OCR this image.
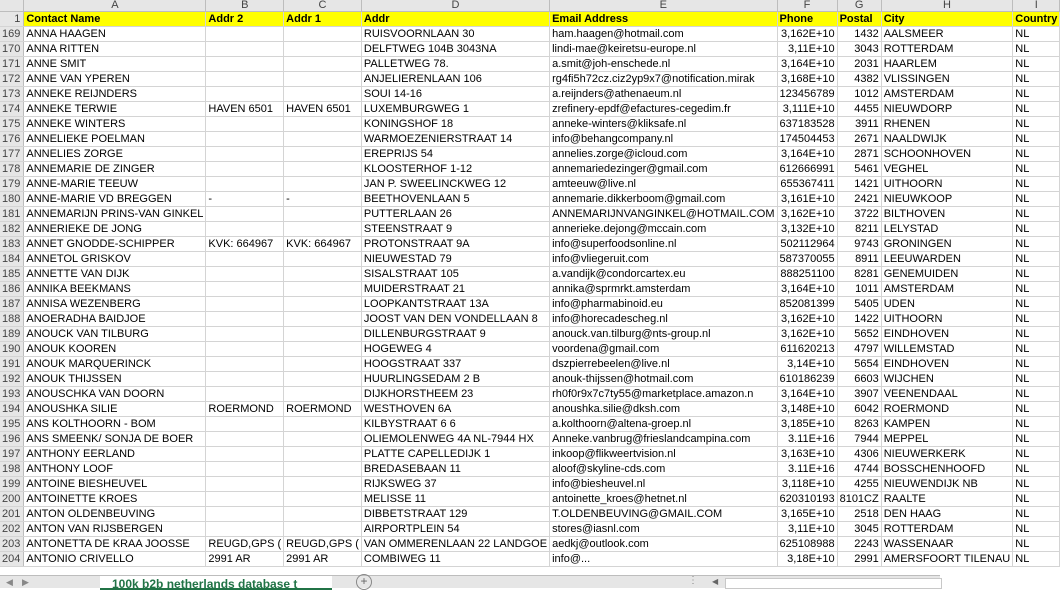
	A	B	C	D	E	F	G	H	I
1	Contact Name	Addr 2	Addr 1	Addr	Email Address	Phone	Postal	City	Country
169	ANNA HAAGEN			RUISVOORNLAAN 30	ham.haagen@hotmail.com	3,162E+10	1432	AALSMEER	NL
170	ANNA RITTEN			DELFTWEG 104B 3043NA	lindi-mae@keiretsu-europe.nl	3,11E+10	3043	ROTTERDAM	NL
171	ANNE SMIT			PALLETWEG 78.	a.smit@joh-enschede.nl	3,164E+10	2031	HAARLEM	NL
172	ANNE VAN YPEREN			ANJELIERENLAAN 106	rg4fi5h72cz.ciz2yp9x7@notification.mirak	3,168E+10	4382	VLISSINGEN	NL
173	ANNEKE REIJNDERS			SOUI 14-16	a.reijnders@athenaeum.nl	123456789	1012	AMSTERDAM	NL
174	ANNEKE TERWIE	HAVEN 6501	HAVEN 6501	LUXEMBURGWEG 1	zrefinery-epdf@efactures-cegedim.fr	3,111E+10	4455	NIEUWDORP	NL
175	ANNEKE WINTERS			KONINGSHOF 18	anneke-winters@kliksafe.nl	637183528	3911	RHENEN	NL
176	ANNELIEKE POELMAN			WARMOEZENIERSTRAAT 14	info@behangcompany.nl	174504453	2671	NAALDWIJK	NL
177	ANNELIES ZORGE			EREPRIJS 54	annelies.zorge@icloud.com	3,164E+10	2871	SCHOONHOVEN	NL
178	ANNEMARIE DE ZINGER			KLOOSTERHOF 1-12	annemariedezinger@gmail.com	612666991	5461	VEGHEL	NL
179	ANNE-MARIE TEEUW			JAN P. SWEELINCKWEG 12	amteeuw@live.nl	655367411	1421	UITHOORN	NL
180	ANNE-MARIE VD BREGGEN	-	-	BEETHOVENLAAN 5	annemarie.dikkerboom@gmail.com	3,161E+10	2421	NIEUWKOOP	NL
181	ANNEMARIJN PRINS-VAN GINKEL			PUTTERLAAN 26	ANNEMARIJNVANGINKEL@HOTMAIL.COM	3,162E+10	3722	BILTHOVEN	NL
182	ANNERIEKE DE JONG			STEENSTRAAT 9	annerieke.dejong@mccain.com	3,132E+10	8211	LELYSTAD	NL
183	ANNET GNODDE-SCHIPPER	KVK: 664967	KVK: 664967	PROTONSTRAAT 9A	info@superfoodsonline.nl	502112964	9743	GRONINGEN	NL
184	ANNETOL GRISKOV			NIEUWESTAD 79	info@vliegeruit.com	587370055	8911	LEEUWARDEN	NL
185	ANNETTE VAN DIJK			SISALSTRAAT 105	a.vandijk@condorcartex.eu	888251100	8281	GENEMUIDEN	NL
186	ANNIKA BEEKMANS			MUIDERSTRAAT 21	annika@sprmrkt.amsterdam	3,164E+10	1011	AMSTERDAM	NL
187	ANNISA WEZENBERG			LOOPKANTSTRAAT 13A	info@pharmabinoid.eu	852081399	5405	UDEN	NL
188	ANOERADHA BAIDJOE			JOOST VAN DEN VONDELLAAN 8	info@horecadescheg.nl	3,162E+10	1422	UITHOORN	NL
189	ANOUCK VAN TILBURG			DILLENBURGSTRAAT 9	anouck.van.tilburg@nts-group.nl	3,162E+10	5652	EINDHOVEN	NL
190	ANOUK KOOREN			HOGEWEG 4	voordena@gmail.com	611620213	4797	WILLEMSTAD	NL
191	ANOUK MARQUERINCK			HOOGSTRAAT 337	dszpierrebeelen@live.nl	3,14E+10	5654	EINDHOVEN	NL
192	ANOUK THIJSSEN			HUURLINGSEDAM 2 B	anouk-thijssen@hotmail.com	610186239	6603	WIJCHEN	NL
193	ANOUSCHKA VAN DOORN			DIJKHORSTHEEM 23	rh0f0r9x7c7ty55@marketplace.amazon.n	3,164E+10	3907	VEENENDAAL	NL
194	ANOUSHKA SILIE	ROERMOND	ROERMOND	WESTHOVEN 6A	anoushka.silie@dksh.com	3,148E+10	6042	ROERMOND	NL
195	ANS KOLTHOORN - BOM			KILBYSTRAAT 6 6	a.kolthoorn@altena-groep.nl	3,185E+10	8263	KAMPEN	NL
196	ANS SMEENK/ SONJA DE BOER			OLIEMOLENWEG 4A NL-7944 HX	Anneke.vanbrug@frieslandcampina.com	3.11E+16	7944	MEPPEL	NL
197	ANTHONY EERLAND			PLATTE CAPELLEDIJK 1	inkoop@flikweertvision.nl	3,163E+10	4306	NIEUWERKERK	NL
198	ANTHONY LOOF			BREDASEBAAN 11	aloof@skyline-cds.com	3.11E+16	4744	BOSSCHENHOOFD	NL
199	ANTOINE BIESHEUVEL			RIJKSWEG 37	info@biesheuvel.nl	3,118E+10	4255	NIEUWENDIJK NB	NL
200	ANTOINETTE KROES			MELISSE 11	antoinette_kroes@hetnet.nl	620310193	8101CZ	RAALTE	NL
201	ANTON OLDENBEUVING			DIBBETSTRAAT 129	T.OLDENBEUVING@GMAIL.COM	3,165E+10	2518	DEN HAAG	NL
202	ANTON VAN RIJSBERGEN			AIRPORTPLEIN 54	stores@iasnl.com	3,11E+10	3045	ROTTERDAM	NL
203	ANTONETTA DE KRAA JOOSSE	REUGD,GPS (	REUGD,GPS (	VAN OMMERENLAAN 22 LANDGOE	aedkj@outlook.com	625108988	2243	WASSENAAR	NL
204	ANTONIO CRIVELLO	2991 AR	2991 AR	COMBIWEG 11	info@...	3,18E+10	2991	AMERSFOORT TILENAU	NL
◀ ▶	100k b2b netherlands database t	+	⋮ ◀
